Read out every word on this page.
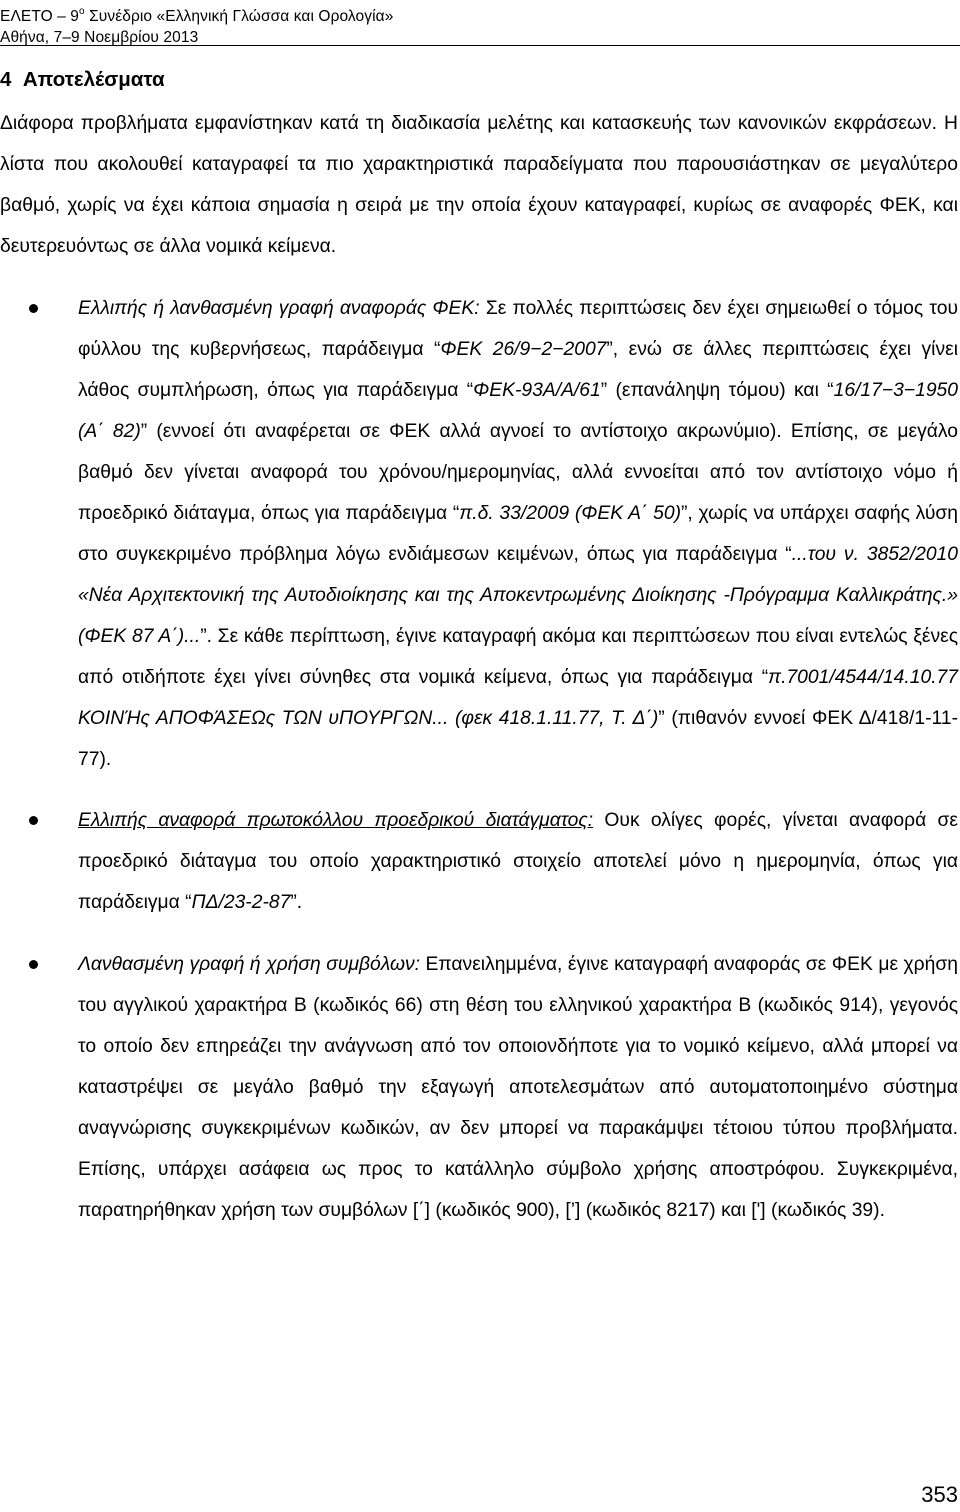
ΕΛΕΤΟ – $9^o$ Συνέδριο «Ελληνική Γλώσσα και Ορολογία»
Αθήνα, 7–9 Νοεμβρίου 2013
4 Αποτελέσματα

Διάφορα προβλήματα εμφανίστηκαν κατά τη διαδικασία μελέτης και κατασκευής των κανονικών εκφράσεων. Η λίστα που ακολουθεί καταγραφεί τα πιο χαρακτηριστικά παραδείγματα που παρουσιάστηκαν σε μεγαλύτερο βαθμό, χωρίς να έχει κάποια σημασία η σειρά με την οποία έχουν καταγραφεί, κυρίως σε αναφορές ΦΕΚ, και δευτερευόντως σε άλλα νομικά κείμενα.

Ελλιπής ή λανθασμένη γραφή αναφοράς ΦΕΚ: Σε πολλές περιπτώσεις δεν έχει σημειωθεί ο τόμος του φύλλου της κυβερνήσεως, παράδειγμα “ΦΕΚ 26/9−2−2007”, ενώ σε άλλες περιπτώσεις έχει γίνει λάθος συμπλήρωση, όπως για παράδειγμα “ΦΕΚ-93Α/Α/61” (επανάληψη τόμου) και “16/17−3−1950 (Α΄ 82)” (εννοεί ότι αναφέρεται σε ΦΕΚ αλλά αγνοεί το αντίστοιχο ακρωνύμιο). Επίσης, σε μεγάλο βαθμό δεν γίνεται αναφορά του χρόνου/ημερομηνίας, αλλά εννοείται από τον αντίστοιχο νόμο ή προεδρικό διάταγμα, όπως για παράδειγμα “π.δ. 33/2009 (ΦΕΚ Α΄ 50)”, χωρίς να υπάρχει σαφής λύση στο συγκεκριμένο πρόβλημα λόγω ενδιάμεσων κειμένων, όπως για παράδειγμα “...του ν. 3852/2010 «Νέα Αρχιτεκτονική της Αυτοδιοίκησης και της Αποκεντρωμένης Διοίκησης -Πρόγραμμα Καλλικράτης.» (ΦΕΚ 87 Α΄)...”. Σε κάθε περίπτωση, έγινε καταγραφή ακόμα και περιπτώσεων που είναι εντελώς ξένες από οτιδήποτε έχει γίνει σύνηθες στα νομικά κείμενα, όπως για παράδειγμα “π.7001/4544/14.10.77 ΚΟΙΝΉς ΑΠΟΦΆΣΕΩς ΤΩΝ υΠΟΥΡΓΩΝ... (φεκ 418.1.11.77, Τ. Δ΄)” (πιθανόν εννοεί ΦΕΚ Δ/418/1-11-77).
Ελλιπής αναφορά πρωτοκόλλου προεδρικού διατάγματος: Ουκ ολίγες φορές, γίνεται αναφορά σε προεδρικό διάταγμα του οποίο χαρακτηριστικό στοιχείο αποτελεί μόνο η ημερομηνία, όπως για παράδειγμα “ΠΔ/23-2-87”.
Λανθασμένη γραφή ή χρήση συμβόλων: Επανειλημμένα, έγινε καταγραφή αναφοράς σε ΦΕΚ με χρήση του αγγλικού χαρακτήρα Β (κωδικός 66) στη θέση του ελληνικού χαρακτήρα Β (κωδικός 914), γεγονός το οποίο δεν επηρεάζει την ανάγνωση από τον οποιονδήποτε για το νομικό κείμενο, αλλά μπορεί να καταστρέψει σε μεγάλο βαθμό την εξαγωγή αποτελεσμάτων από αυτοματοποιημένο σύστημα αναγνώρισης συγκεκριμένων κωδικών, αν δεν μπορεί να παρακάμψει τέτοιου τύπου προβλήματα. Επίσης, υπάρχει ασάφεια ως προς το κατάλληλο σύμβολο χρήσης αποστρόφου. Συγκεκριμένα, παρατηρήθηκαν χρήση των συμβόλων [΄] (κωδικός 900), [’] (κωδικός 8217) και ['] (κωδικός 39).
353
